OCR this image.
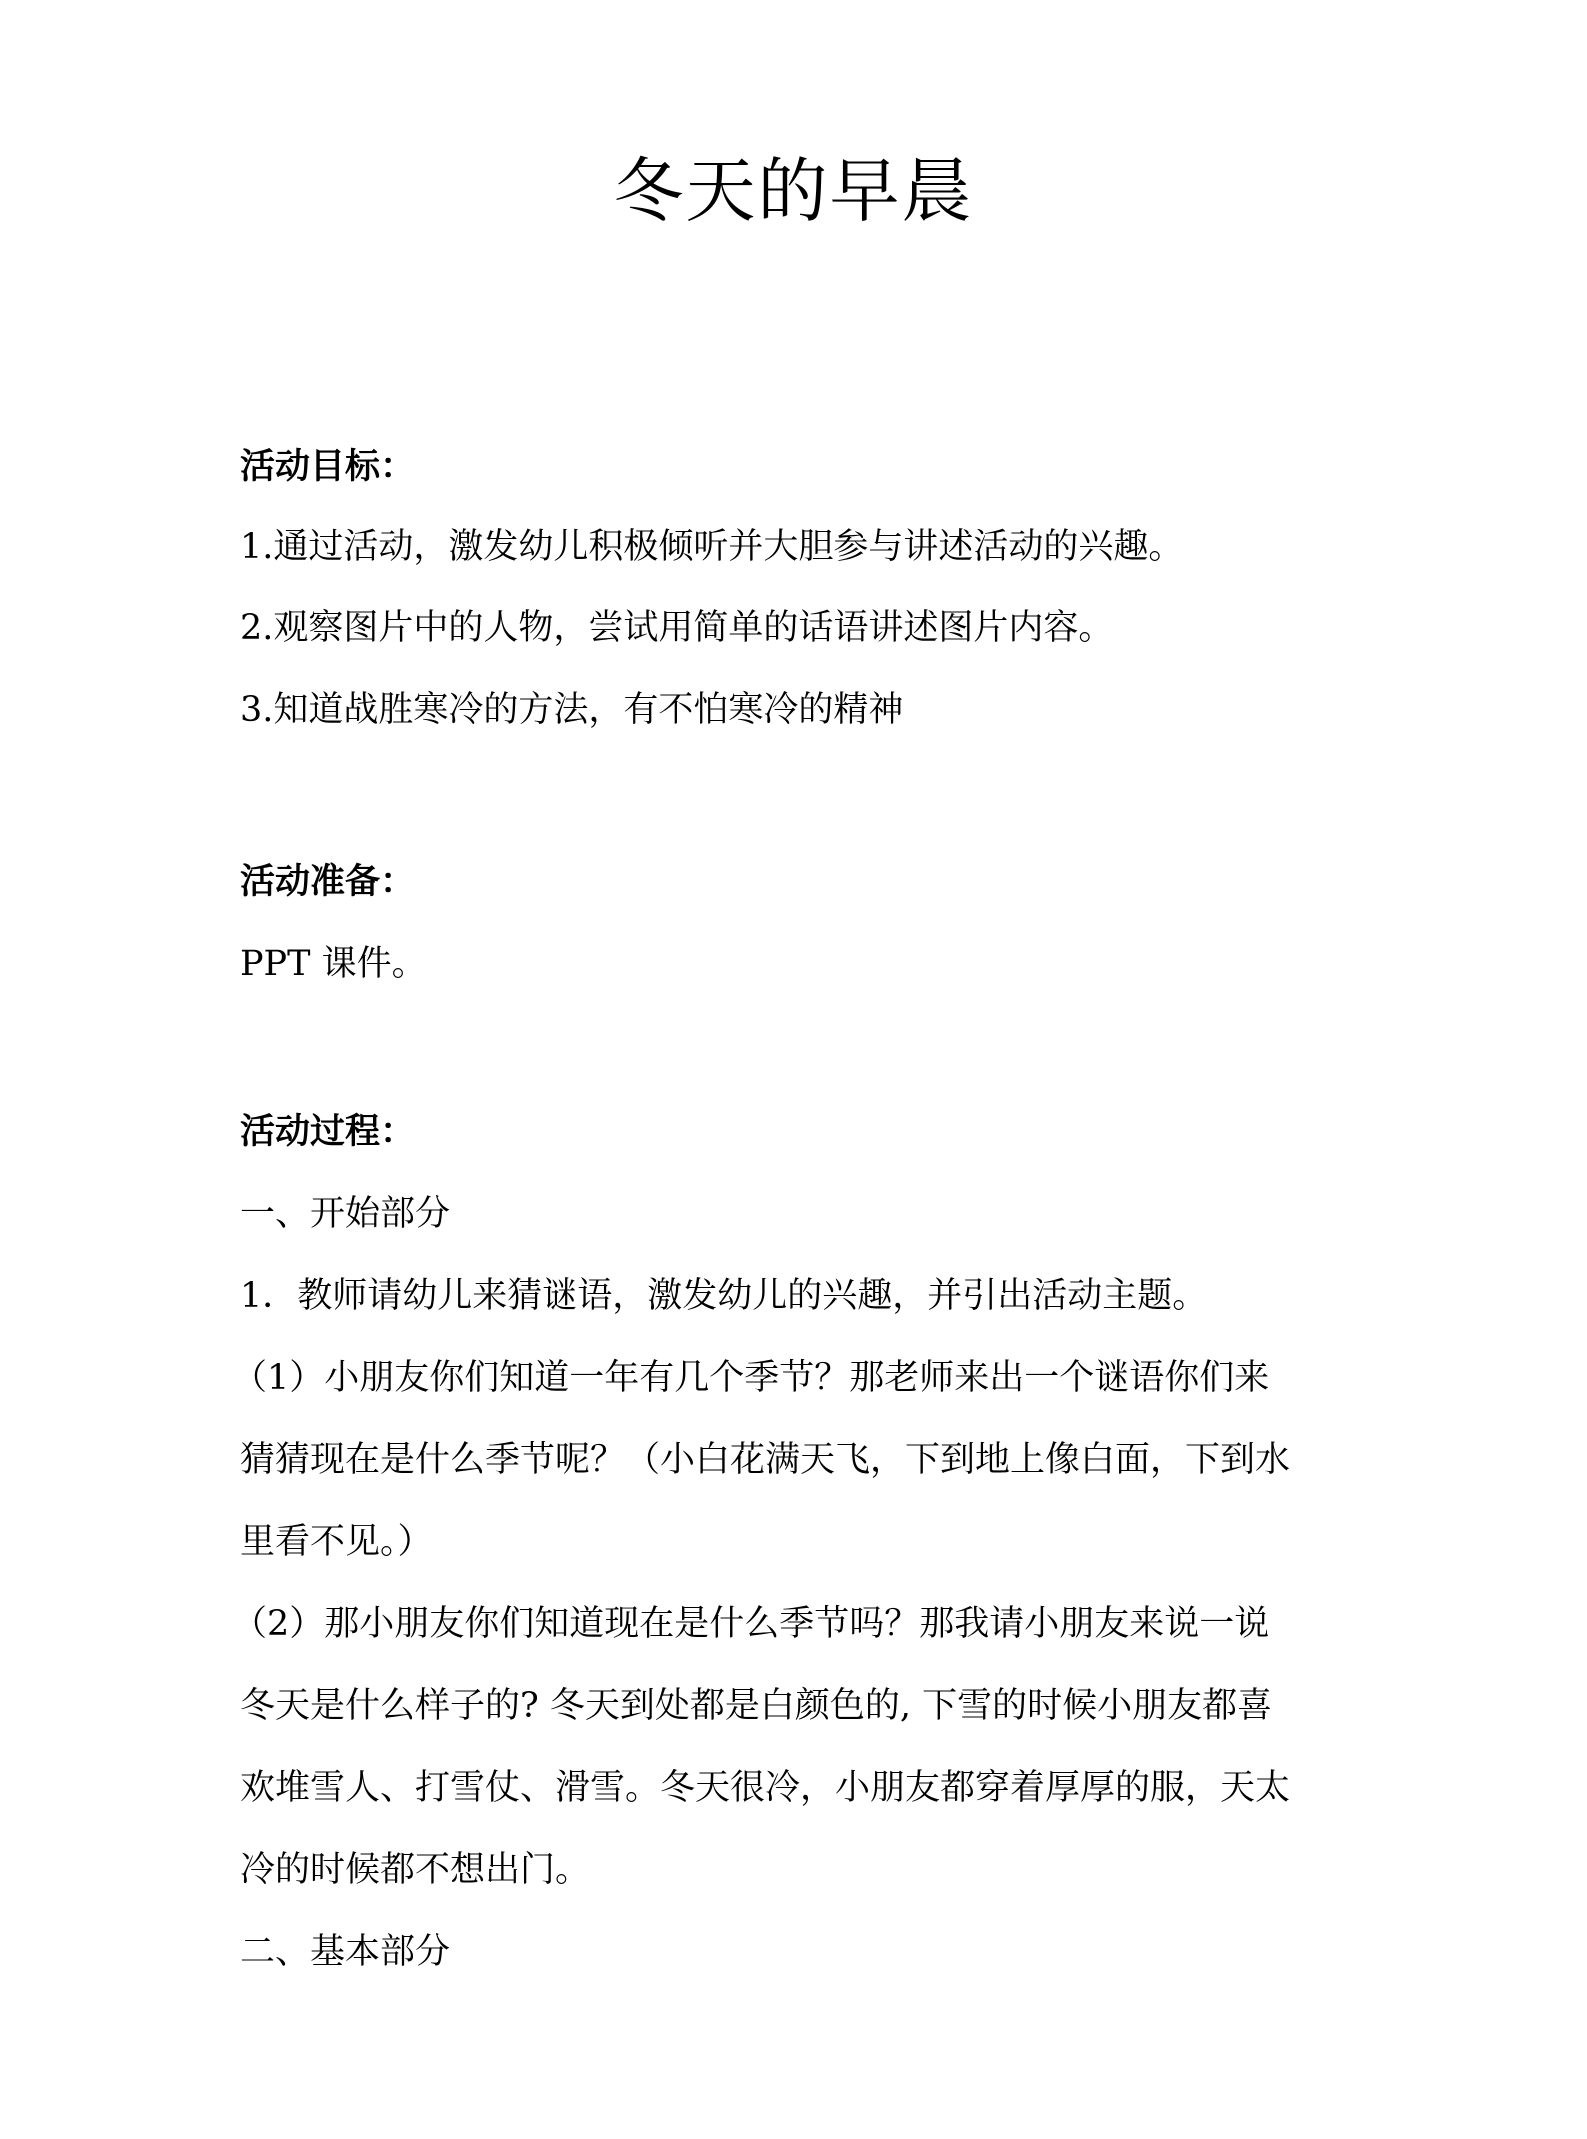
冬天的早晨

活动目标：

1.通过活动，激发幼儿积极倾听并大胆参与讲述活动的兴趣。

2.观察图片中的人物，尝试用简单的话语讲述图片内容。

3.知道战胜寒冷的方法，有不怕寒冷的精神

活动准备：

PPT 课件。

活动过程：

一、开始部分

1．教师请幼儿来猜谜语，激发幼儿的兴趣，并引出活动主题。

（1）小朋友你们知道一年有几个季节？那老师来出一个谜语你们来

猜猜现在是什么季节呢？（小白花满天飞，下到地上像白面，下到水

里看不见。）

（2）那小朋友你们知道现在是什么季节吗？那我请小朋友来说一说

冬天是什么样子的? 冬天到处都是白颜色的, 下雪的时候小朋友都喜

欢堆雪人、打雪仗、滑雪。冬天很冷，小朋友都穿着厚厚的服，天太

冷的时候都不想出门。

二、基本部分
